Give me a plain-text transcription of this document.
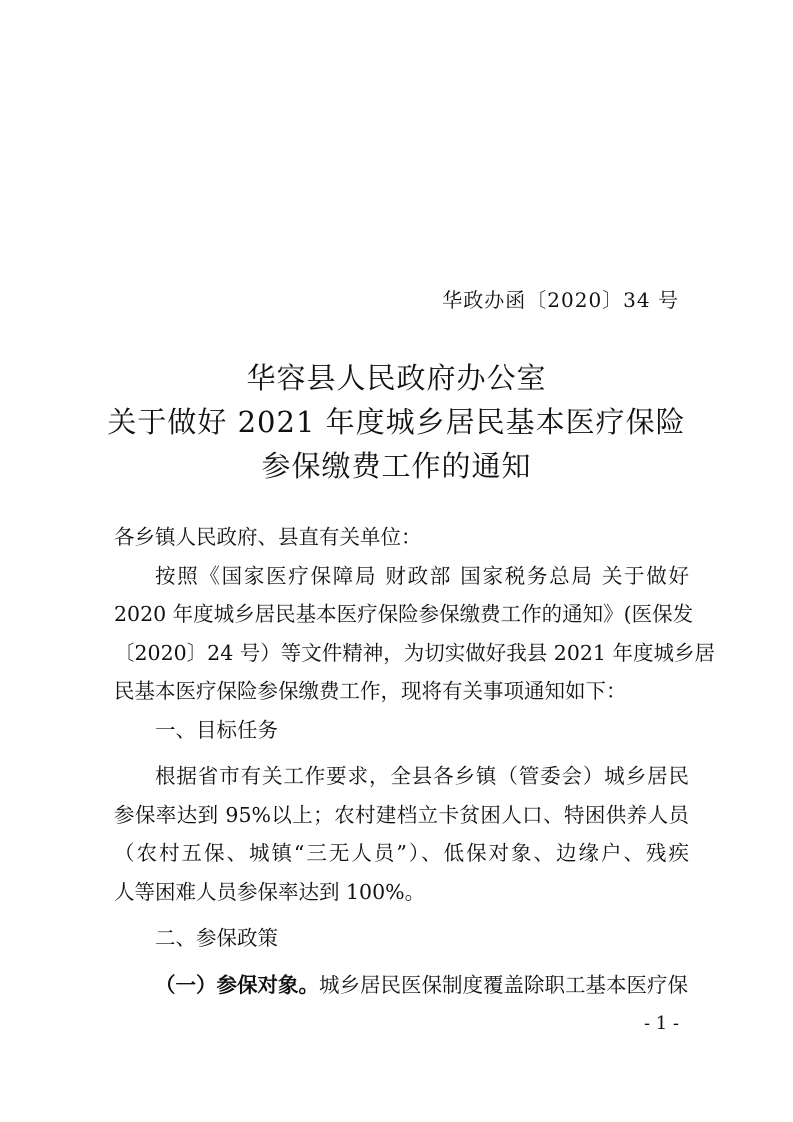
华政办函〔2020〕34 号
华容县人民政府办公室
关于做好 2021 年度城乡居民基本医疗保险
参保缴费工作的通知
各乡镇人民政府、县直有关单位：
按照《国家医疗保障局 财政部 国家税务总局 关于做好
2020 年度城乡居民基本医疗保险参保缴费工作的通知》(医保发
〔2020〕24 号）等文件精神，为切实做好我县 2021 年度城乡居
民基本医疗保险参保缴费工作，现将有关事项通知如下：
一、目标任务
根据省市有关工作要求，全县各乡镇（管委会）城乡居民
参保率达到 95%以上；农村建档立卡贫困人口、特困供养人员
（农村五保、城镇“三无人员”）、低保对象、边缘户、残疾
人等困难人员参保率达到 100%。
二、参保政策
（一）参保对象。城乡居民医保制度覆盖除职工基本医疗保
- 1 -
